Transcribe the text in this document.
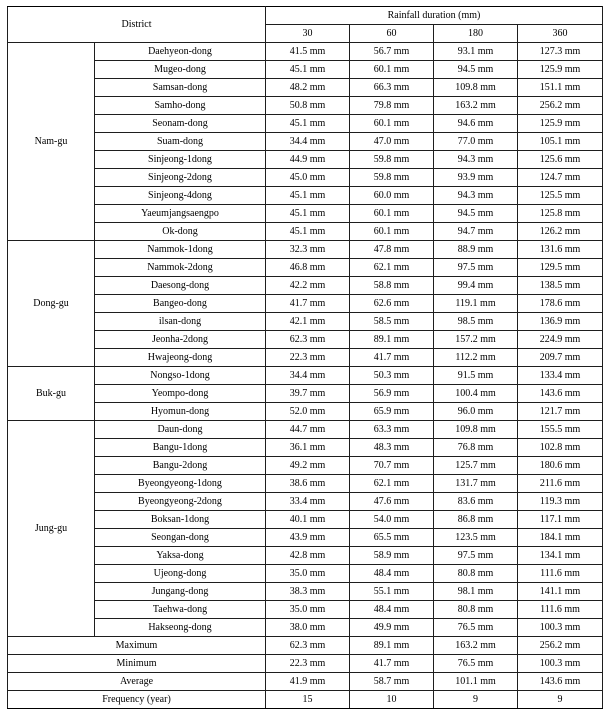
District		Rainfall duration (mm)			
		30	60	180	360
Nam-gu	Daehyeon-dong	41.5 mm	56.7 mm	93.1 mm	127.3 mm
	Mugeo-dong	45.1 mm	60.1 mm	94.5 mm	125.9 mm
	Samsan-dong	48.2 mm	66.3 mm	109.8 mm	151.1 mm
	Samho-dong	50.8 mm	79.8 mm	163.2 mm	256.2 mm
	Seonam-dong	45.1 mm	60.1 mm	94.6 mm	125.9 mm
	Suam-dong	34.4 mm	47.0 mm	77.0 mm	105.1 mm
	Sinjeong-1dong	44.9 mm	59.8 mm	94.3 mm	125.6 mm
	Sinjeong-2dong	45.0 mm	59.8 mm	93.9 mm	124.7 mm
	Sinjeong-4dong	45.1 mm	60.0 mm	94.3 mm	125.5 mm
	Yaeumjangsaengpo	45.1 mm	60.1 mm	94.5 mm	125.8 mm
	Ok-dong	45.1 mm	60.1 mm	94.7 mm	126.2 mm
Dong-gu	Nammok-1dong	32.3 mm	47.8 mm	88.9 mm	131.6 mm
	Nammok-2dong	46.8 mm	62.1 mm	97.5 mm	129.5 mm
	Daesong-dong	42.2 mm	58.8 mm	99.4 mm	138.5 mm
	Bangeo-dong	41.7 mm	62.6 mm	119.1 mm	178.6 mm
	ilsan-dong	42.1 mm	58.5 mm	98.5 mm	136.9 mm
	Jeonha-2dong	62.3 mm	89.1 mm	157.2 mm	224.9 mm
	Hwajeong-dong	22.3 mm	41.7 mm	112.2 mm	209.7 mm
Buk-gu	Nongso-1dong	34.4 mm	50.3 mm	91.5 mm	133.4 mm
	Yeompo-dong	39.7 mm	56.9 mm	100.4 mm	143.6 mm
	Hyomun-dong	52.0 mm	65.9 mm	96.0 mm	121.7 mm
Jung-gu	Daun-dong	44.7 mm	63.3 mm	109.8 mm	155.5 mm
	Bangu-1dong	36.1 mm	48.3 mm	76.8 mm	102.8 mm
	Bangu-2dong	49.2 mm	70.7 mm	125.7 mm	180.6 mm
	Byeongyeong-1dong	38.6 mm	62.1 mm	131.7 mm	211.6 mm
	Byeongyeong-2dong	33.4 mm	47.6 mm	83.6 mm	119.3 mm
	Boksan-1dong	40.1 mm	54.0 mm	86.8 mm	117.1 mm
	Seongan-dong	43.9 mm	65.5 mm	123.5 mm	184.1 mm
	Yaksa-dong	42.8 mm	58.9 mm	97.5 mm	134.1 mm
	Ujeong-dong	35.0 mm	48.4 mm	80.8 mm	111.6 mm
	Jungang-dong	38.3 mm	55.1 mm	98.1 mm	141.1 mm
	Taehwa-dong	35.0 mm	48.4 mm	80.8 mm	111.6 mm
	Hakseong-dong	38.0 mm	49.9 mm	76.5 mm	100.3 mm
Maximum		62.3 mm	89.1 mm	163.2 mm	256.2 mm
Minimum		22.3 mm	41.7 mm	76.5 mm	100.3 mm
Average		41.9 mm	58.7 mm	101.1 mm	143.6 mm
Frequency (year)		15	10	9	9
